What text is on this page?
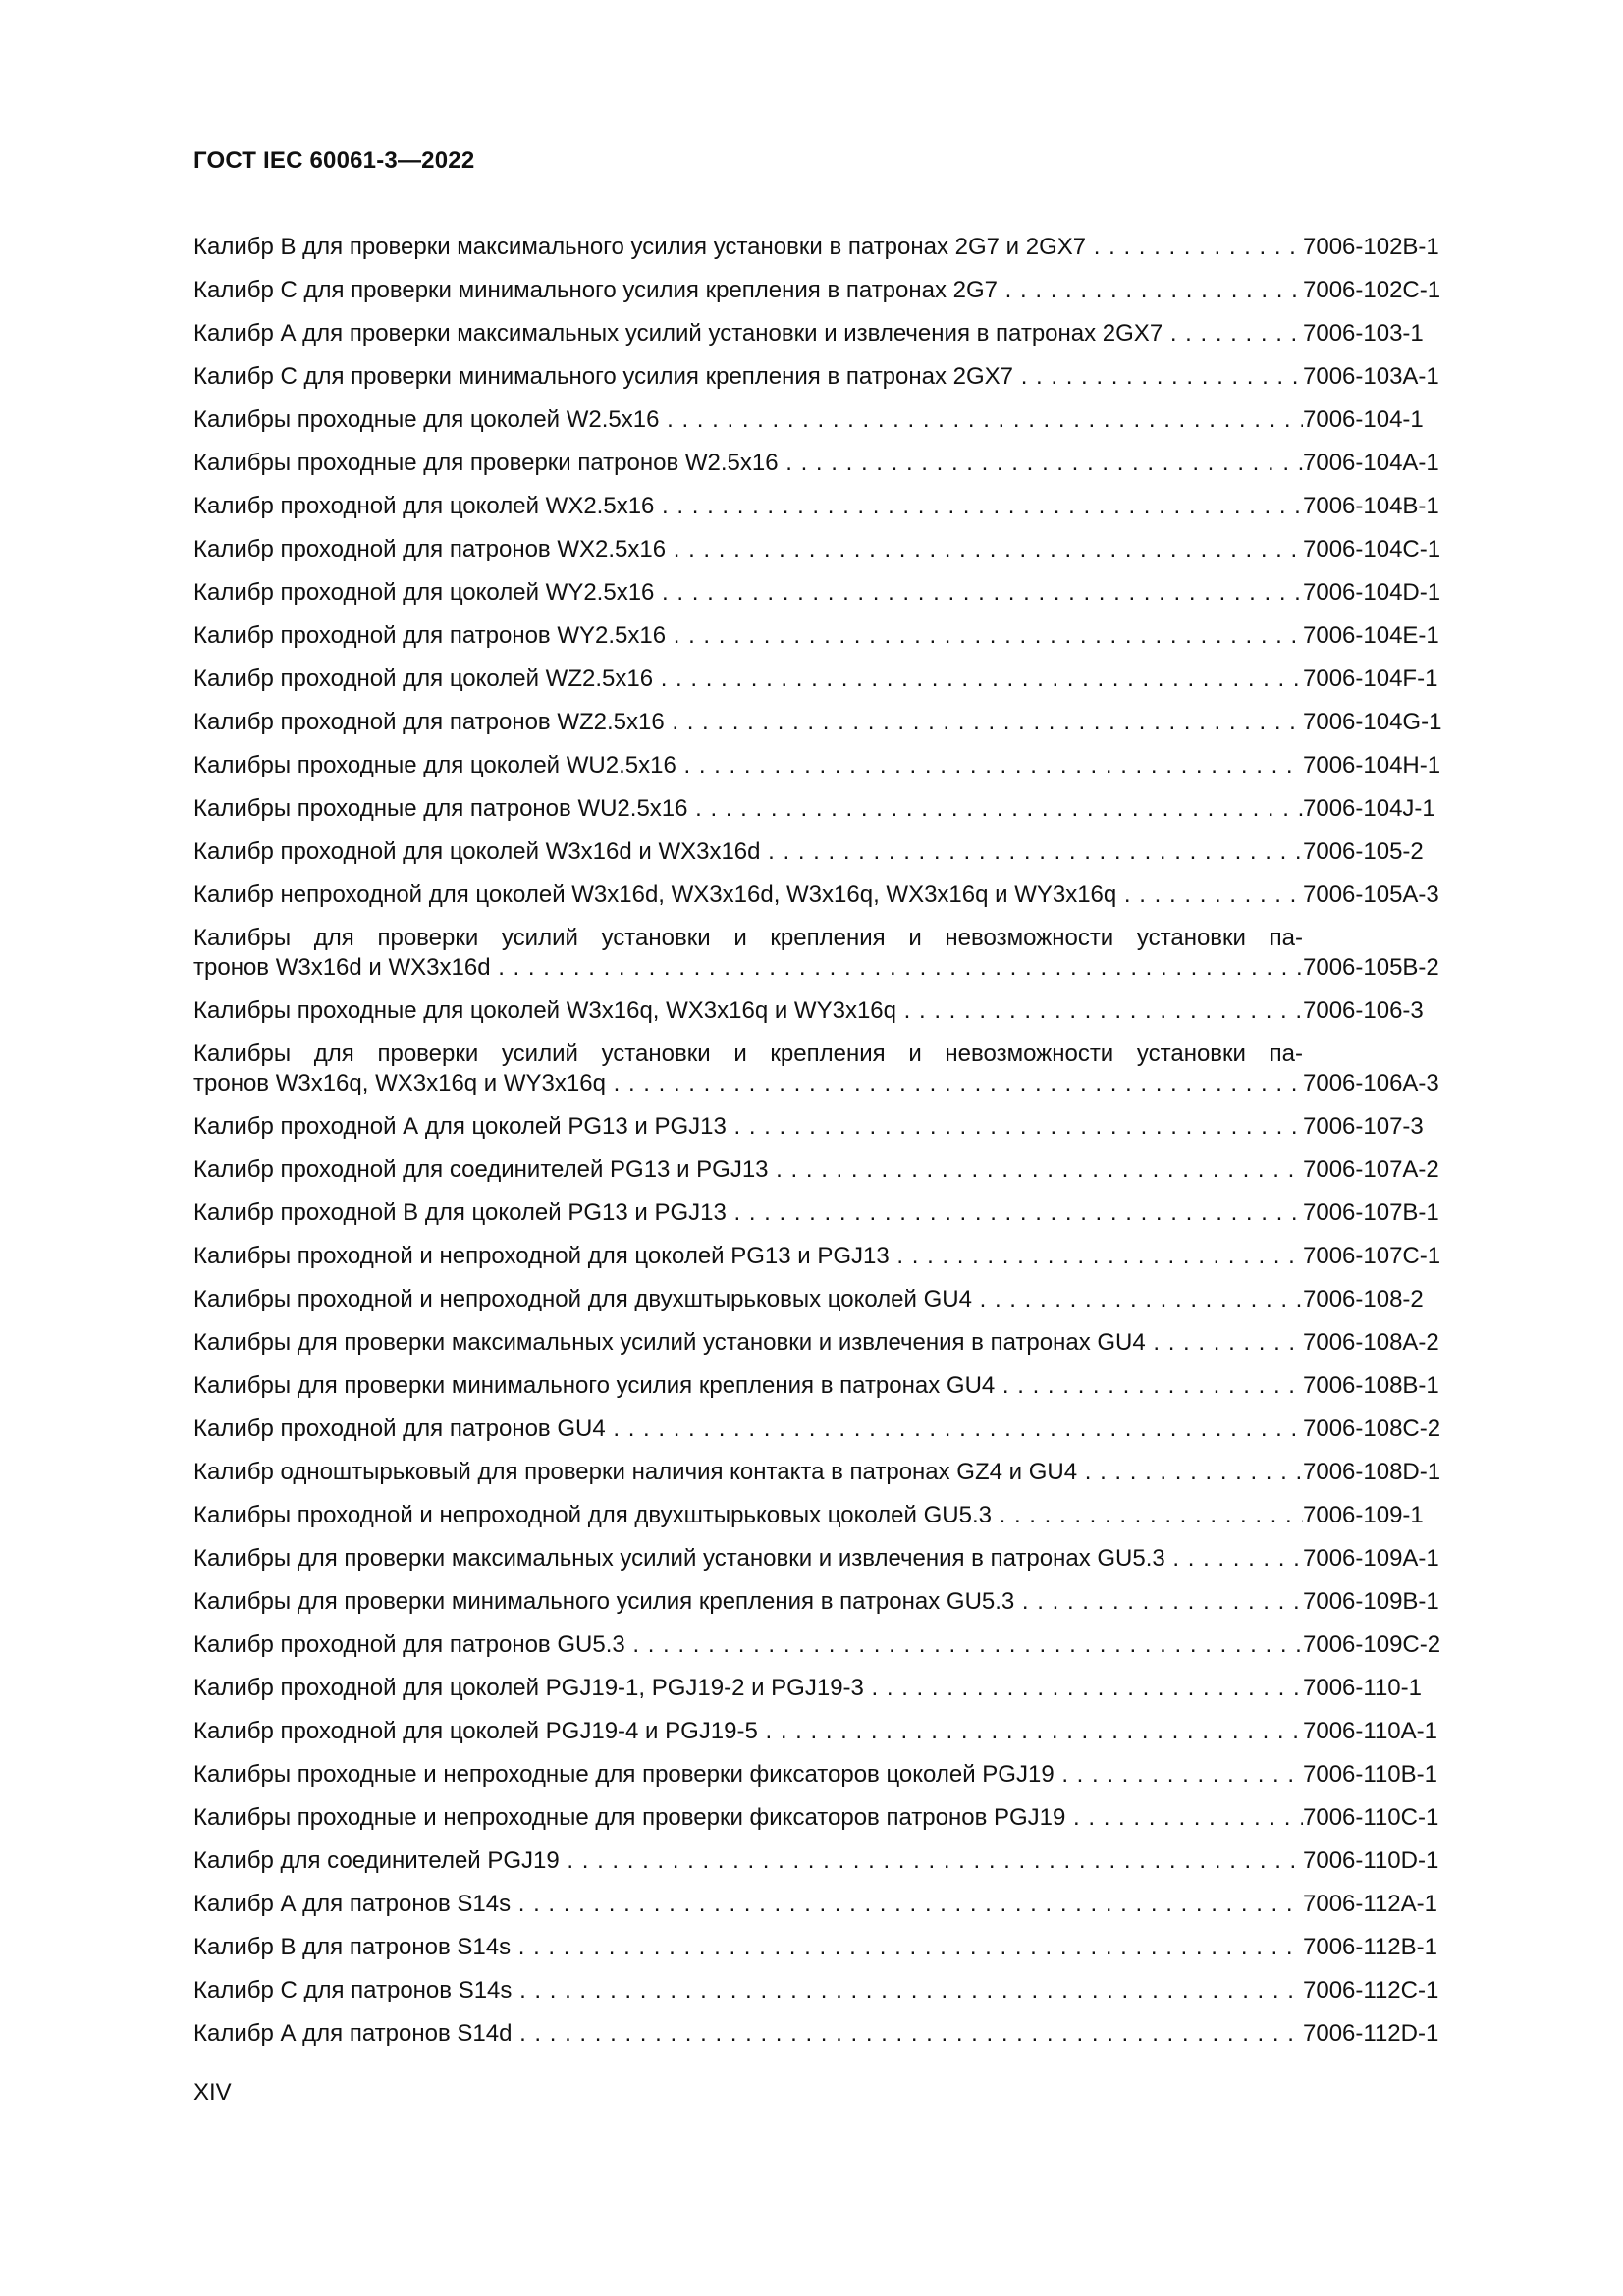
ГОСТ IEC 60061-3—2022
Калибр В для проверки максимального усилия установки в патронах 2G7 и 2GX7 . . .	7006-102B-1
Калибр С для проверки минимального усилия крепления в патронах 2G7 . . .	7006-102C-1
Калибр А для проверки максимальных усилий установки и извлечения в патронах 2GX7 . . .	7006-103-1
Калибр С для проверки минимального усилия крепления в патронах 2GX7 . . .	7006-103A-1
Калибры проходные для цоколей W2.5x16 . . .	7006-104-1
Калибры проходные для проверки патронов W2.5x16 . . .	7006-104A-1
Калибр проходной для цоколей WX2.5x16 . . .	7006-104B-1
Калибр проходной для патронов WX2.5x16 . . .	7006-104C-1
Калибр проходной для цоколей WY2.5x16 . . .	7006-104D-1
Калибр проходной для патронов WY2.5x16 . . .	7006-104E-1
Калибр проходной для цоколей WZ2.5x16 . . .	7006-104F-1
Калибр проходной для патронов WZ2.5x16 . . .	7006-104G-1
Калибры проходные для цоколей WU2.5x16 . . .	7006-104H-1
Калибры проходные для патронов WU2.5x16 . . .	7006-104J-1
Калибр проходной для цоколей W3x16d и WX3x16d . . .	7006-105-2
Калибр непроходной для цоколей W3x16d, WX3x16d, W3x16q, WX3x16q и WY3x16q . . .	7006-105A-3
Калибры для проверки усилий установки и крепления и невозможности установки па-
тронов W3x16d и WX3x16d . . .	7006-105B-2
Калибры проходные для цоколей W3x16q, WX3x16q и WY3x16q . . .	7006-106-3
Калибры для проверки усилий установки и крепления и невозможности установки па-
тронов W3x16q, WX3x16q и WY3x16q . . .	7006-106A-3
Калибр проходной А для цоколей PG13 и PGJ13 . . .	7006-107-3
Калибр проходной для соединителей PG13 и PGJ13 . . .	7006-107A-2
Калибр проходной В для цоколей PG13 и PGJ13 . . .	7006-107B-1
Калибры проходной и непроходной для цоколей PG13 и PGJ13 . . .	7006-107C-1
Калибры проходной и непроходной для двухштырьковых цоколей GU4 . . .	7006-108-2
Калибры для проверки максимальных усилий установки и извлечения в патронах GU4 . . .	7006-108A-2
Калибры для проверки минимального усилия крепления в патронах GU4 . . .	7006-108B-1
Калибр проходной для патронов GU4 . . .	7006-108C-2
Калибр одноштырьковый для проверки наличия контакта в патронах GZ4 и GU4 . . .	7006-108D-1
Калибры проходной и непроходной для двухштырьковых цоколей GU5.3 . . .	7006-109-1
Калибры для проверки максимальных усилий установки и извлечения в патронах GU5.3 . . .	7006-109A-1
Калибры для проверки минимального усилия крепления в патронах GU5.3 . . .	7006-109B-1
Калибр проходной для патронов GU5.3 . . .	7006-109C-2
Калибр проходной для цоколей PGJ19-1, PGJ19-2 и PGJ19-3 . . .	7006-110-1
Калибр проходной для цоколей PGJ19-4 и PGJ19-5 . . .	7006-110A-1
Калибры проходные и непроходные для проверки фиксаторов цоколей PGJ19 . . .	7006-110B-1
Калибры проходные и непроходные для проверки фиксаторов патронов PGJ19 . . .	7006-110C-1
Калибр для соединителей PGJ19 . . .	7006-110D-1
Калибр А для патронов S14s . . .	7006-112A-1
Калибр В для патронов S14s . . .	7006-112B-1
Калибр С для патронов S14s . . .	7006-112C-1
Калибр А для патронов S14d . . .	7006-112D-1
XIV
